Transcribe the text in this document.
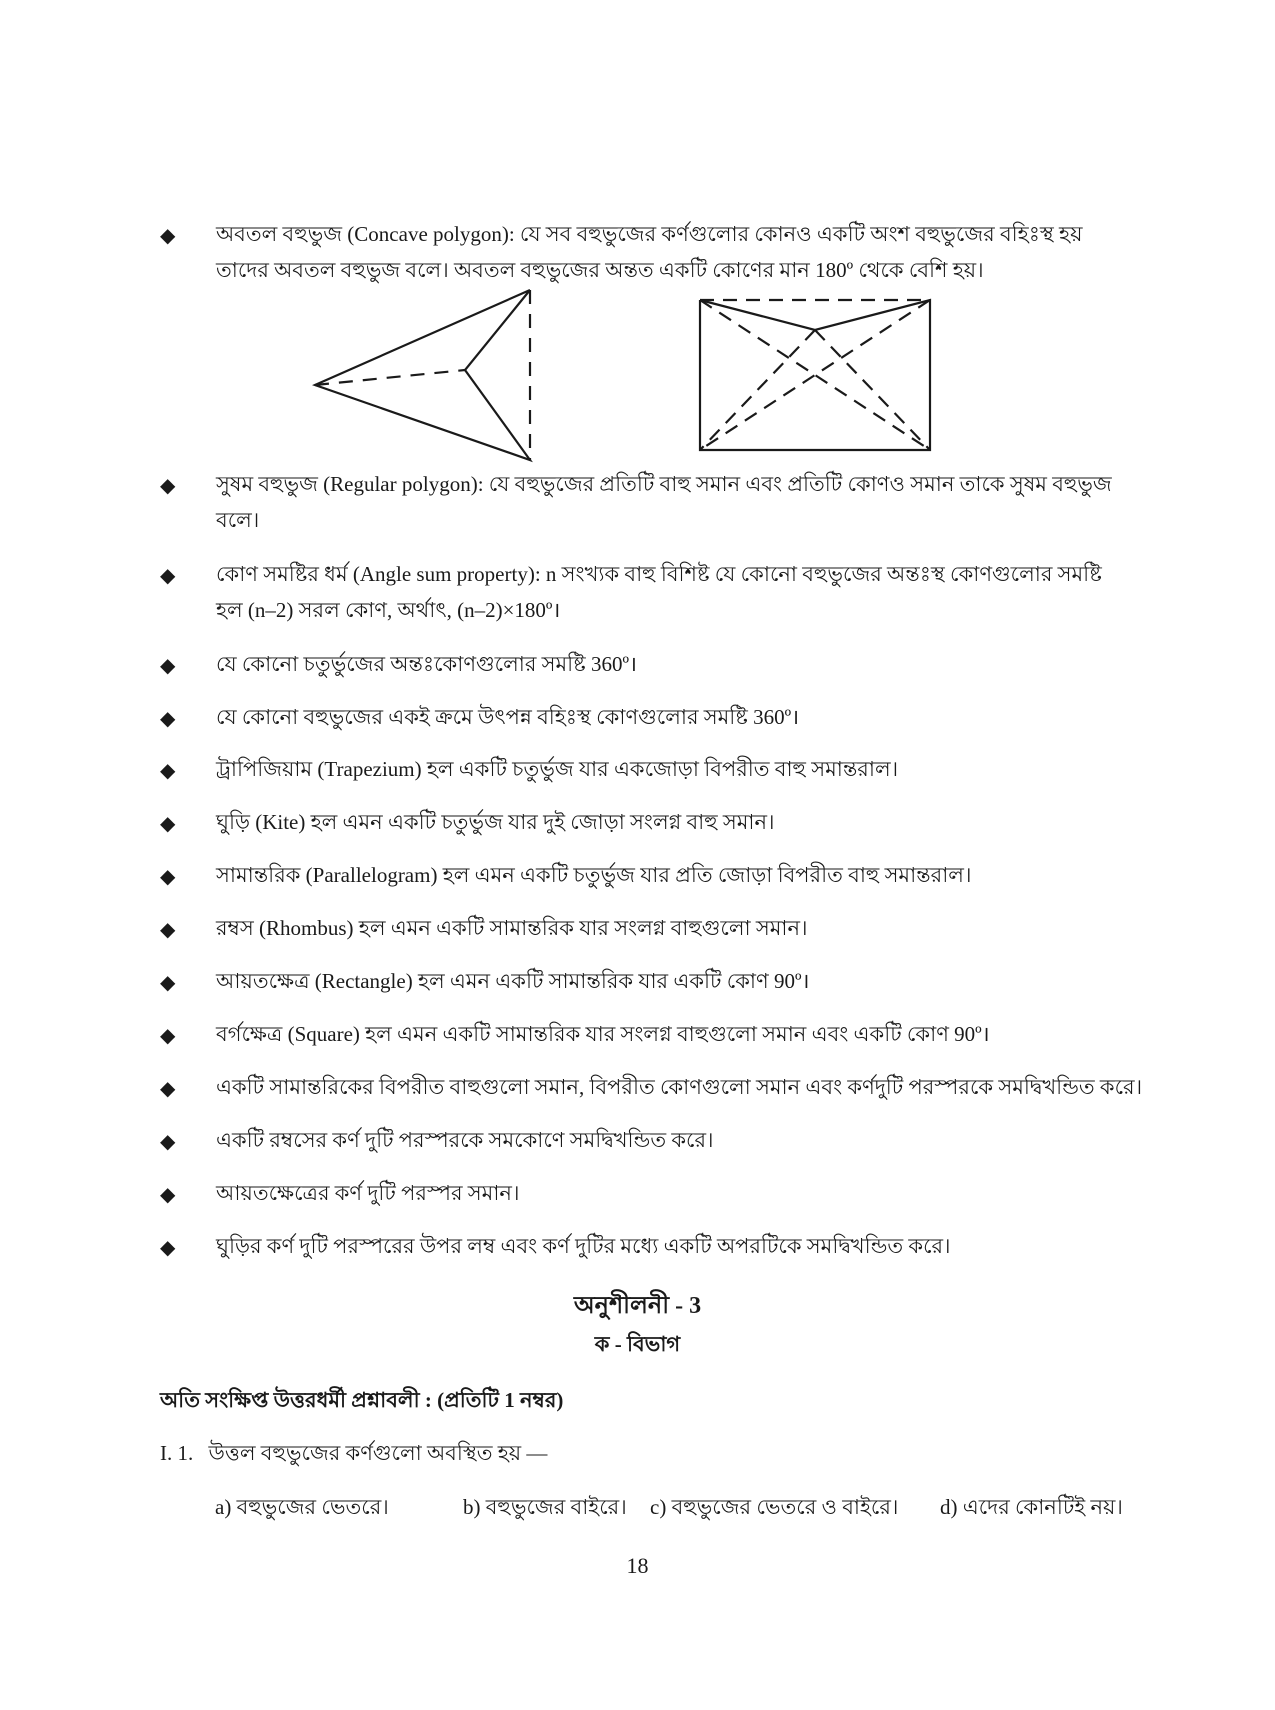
◆ অবতল বহুভুজ (Concave polygon): যে সব বহুভুজের কর্ণগুলোর কোনও একটি অংশ বহুভুজের বহিঃস্থ হয়
তাদের অবতল বহুভুজ বলে। অবতল বহুভুজের অন্তত একটি কোণের মান 180º থেকে বেশি হয়।
◆ সুষম বহুভুজ (Regular polygon): যে বহুভুজের প্রতিটি বাহু সমান এবং প্রতিটি কোণও সমান তাকে সুষম বহুভুজ
বলে।
◆ কোণ সমষ্টির ধর্ম (Angle sum property): n সংখ্যক বাহু বিশিষ্ট যে কোনো বহুভুজের অন্তঃস্থ কোণগুলোর সমষ্টি
হল (n–2) সরল কোণ, অর্থাৎ, (n–2)×180º।
◆ যে কোনো চতুর্ভুজের অন্তঃকোণগুলোর সমষ্টি 360º।
◆ যে কোনো বহুভুজের একই ক্রমে উৎপন্ন বহিঃস্থ কোণগুলোর সমষ্টি 360º।
◆ ট্রাপিজিয়াম (Trapezium) হল একটি চতুর্ভুজ যার একজোড়া বিপরীত বাহু সমান্তরাল।
◆ ঘুড়ি (Kite) হল এমন একটি চতুর্ভুজ যার দুই জোড়া সংলগ্ন বাহু সমান।
◆ সামান্তরিক (Parallelogram) হল এমন একটি চতুর্ভুজ যার প্রতি জোড়া বিপরীত বাহু সমান্তরাল।
◆ রম্বস (Rhombus) হল এমন একটি সামান্তরিক যার সংলগ্ন বাহুগুলো সমান।
◆ আয়তক্ষেত্র (Rectangle) হল এমন একটি সামান্তরিক যার একটি কোণ 90º।
◆ বর্গক্ষেত্র (Square) হল এমন একটি সামান্তরিক যার সংলগ্ন বাহুগুলো সমান এবং একটি কোণ 90º।
◆ একটি সামান্তরিকের বিপরীত বাহুগুলো সমান, বিপরীত কোণগুলো সমান এবং কর্ণদুটি পরস্পরকে সমদ্বিখন্ডিত করে।
◆ একটি রম্বসের কর্ণ দুটি পরস্পরকে সমকোণে সমদ্বিখন্ডিত করে।
◆ আয়তক্ষেত্রের কর্ণ দুটি পরস্পর সমান।
◆ ঘুড়ির কর্ণ দুটি পরস্পরের উপর লম্ব এবং কর্ণ দুটির মধ্যে একটি অপরটিকে সমদ্বিখন্ডিত করে।
অনুশীলনী - 3
ক - বিভাগ
অতি সংক্ষিপ্ত উত্তরধর্মী প্রশ্নাবলী : (প্রতিটি 1 নম্বর)
I. 1. উত্তল বহুভুজের কর্ণগুলো অবস্থিত হয় —
a) বহুভুজের ভেতরে।	b) বহুভুজের বাইরে। c) বহুভুজের ভেতরে ও বাইরে। d) এদের কোনটিই নয়।
18
